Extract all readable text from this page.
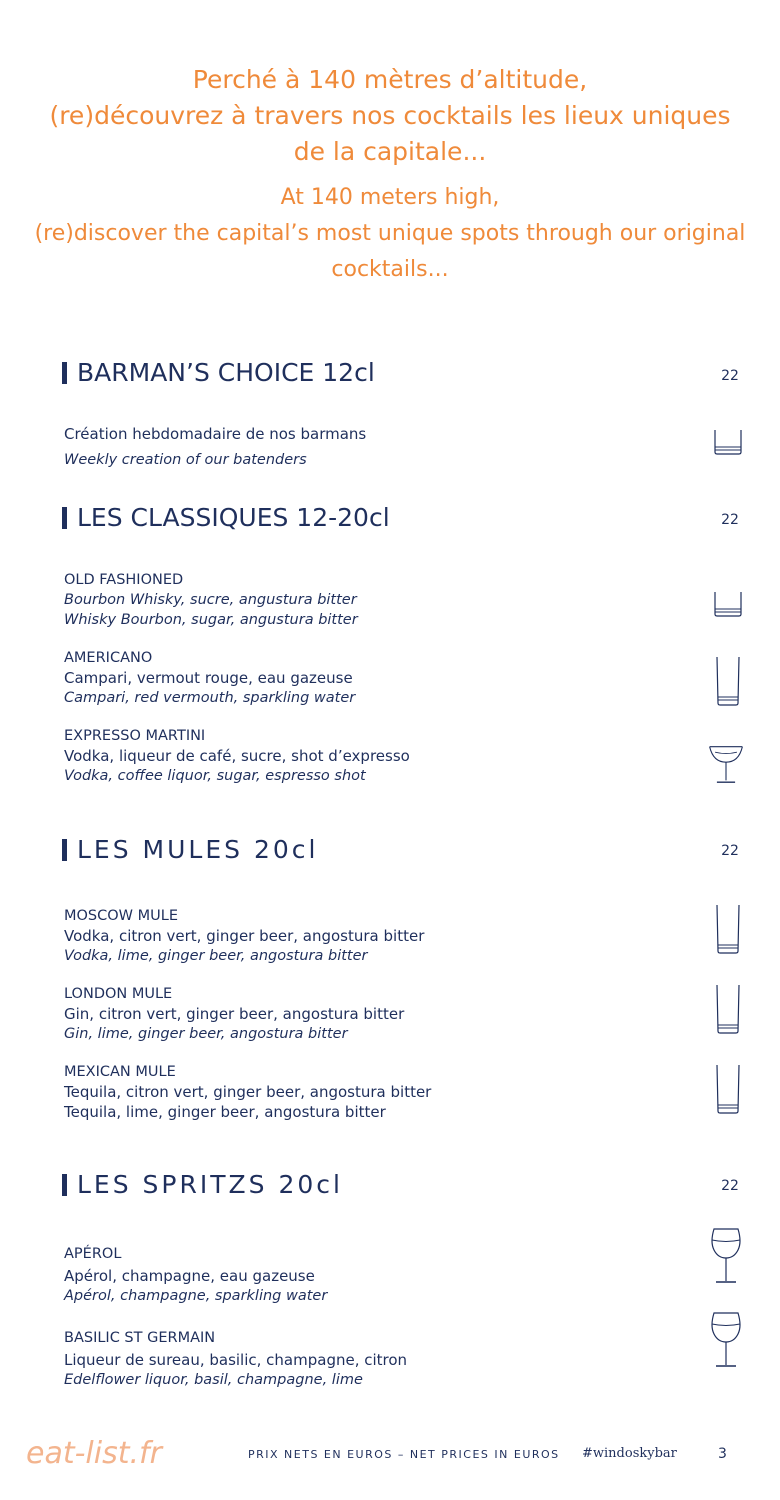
Perché à 140 mètres d’altitude,
(re)découvrez à travers nos cocktails les lieux uniques
de la capitale...
At 140 meters high,
(re)discover the capital’s most unique spots through our original
cocktails...
BARMAN’S CHOICE 12cl	22
Création hebdomadaire de nos barmans
Weekly creation of our batenders
LES CLASSIQUES 12-20cl	22
OLD FASHIONED
Bourbon Whisky, sucre, angustura bitter
Whisky Bourbon, sugar, angustura bitter
AMERICANO
Campari, vermout rouge, eau gazeuse
Campari, red vermouth, sparkling water
EXPRESSO MARTINI
Vodka, liqueur de café, sucre, shot d’expresso
Vodka, coffee liquor, sugar, espresso shot
LES MULES 20cl	22
MOSCOW MULE
Vodka, citron vert, ginger beer, angostura bitter
Vodka, lime, ginger beer, angostura bitter
LONDON MULE
Gin, citron vert, ginger beer, angostura bitter
Gin, lime, ginger beer, angostura bitter
MEXICAN MULE
Tequila, citron vert, ginger beer, angostura bitter
Tequila, lime, ginger beer, angostura bitter
LES SPRITZS 20cl	22
APÉROL
Apérol, champagne, eau gazeuse
Apérol, champagne, sparkling water
BASILIC ST GERMAIN
Liqueur de sureau, basilic, champagne, citron
Edelflower liquor, basil, champagne, lime
eat-list.fr	PRIX NETS EN EUROS – NET PRICES IN EUROS #windoskybar	3
